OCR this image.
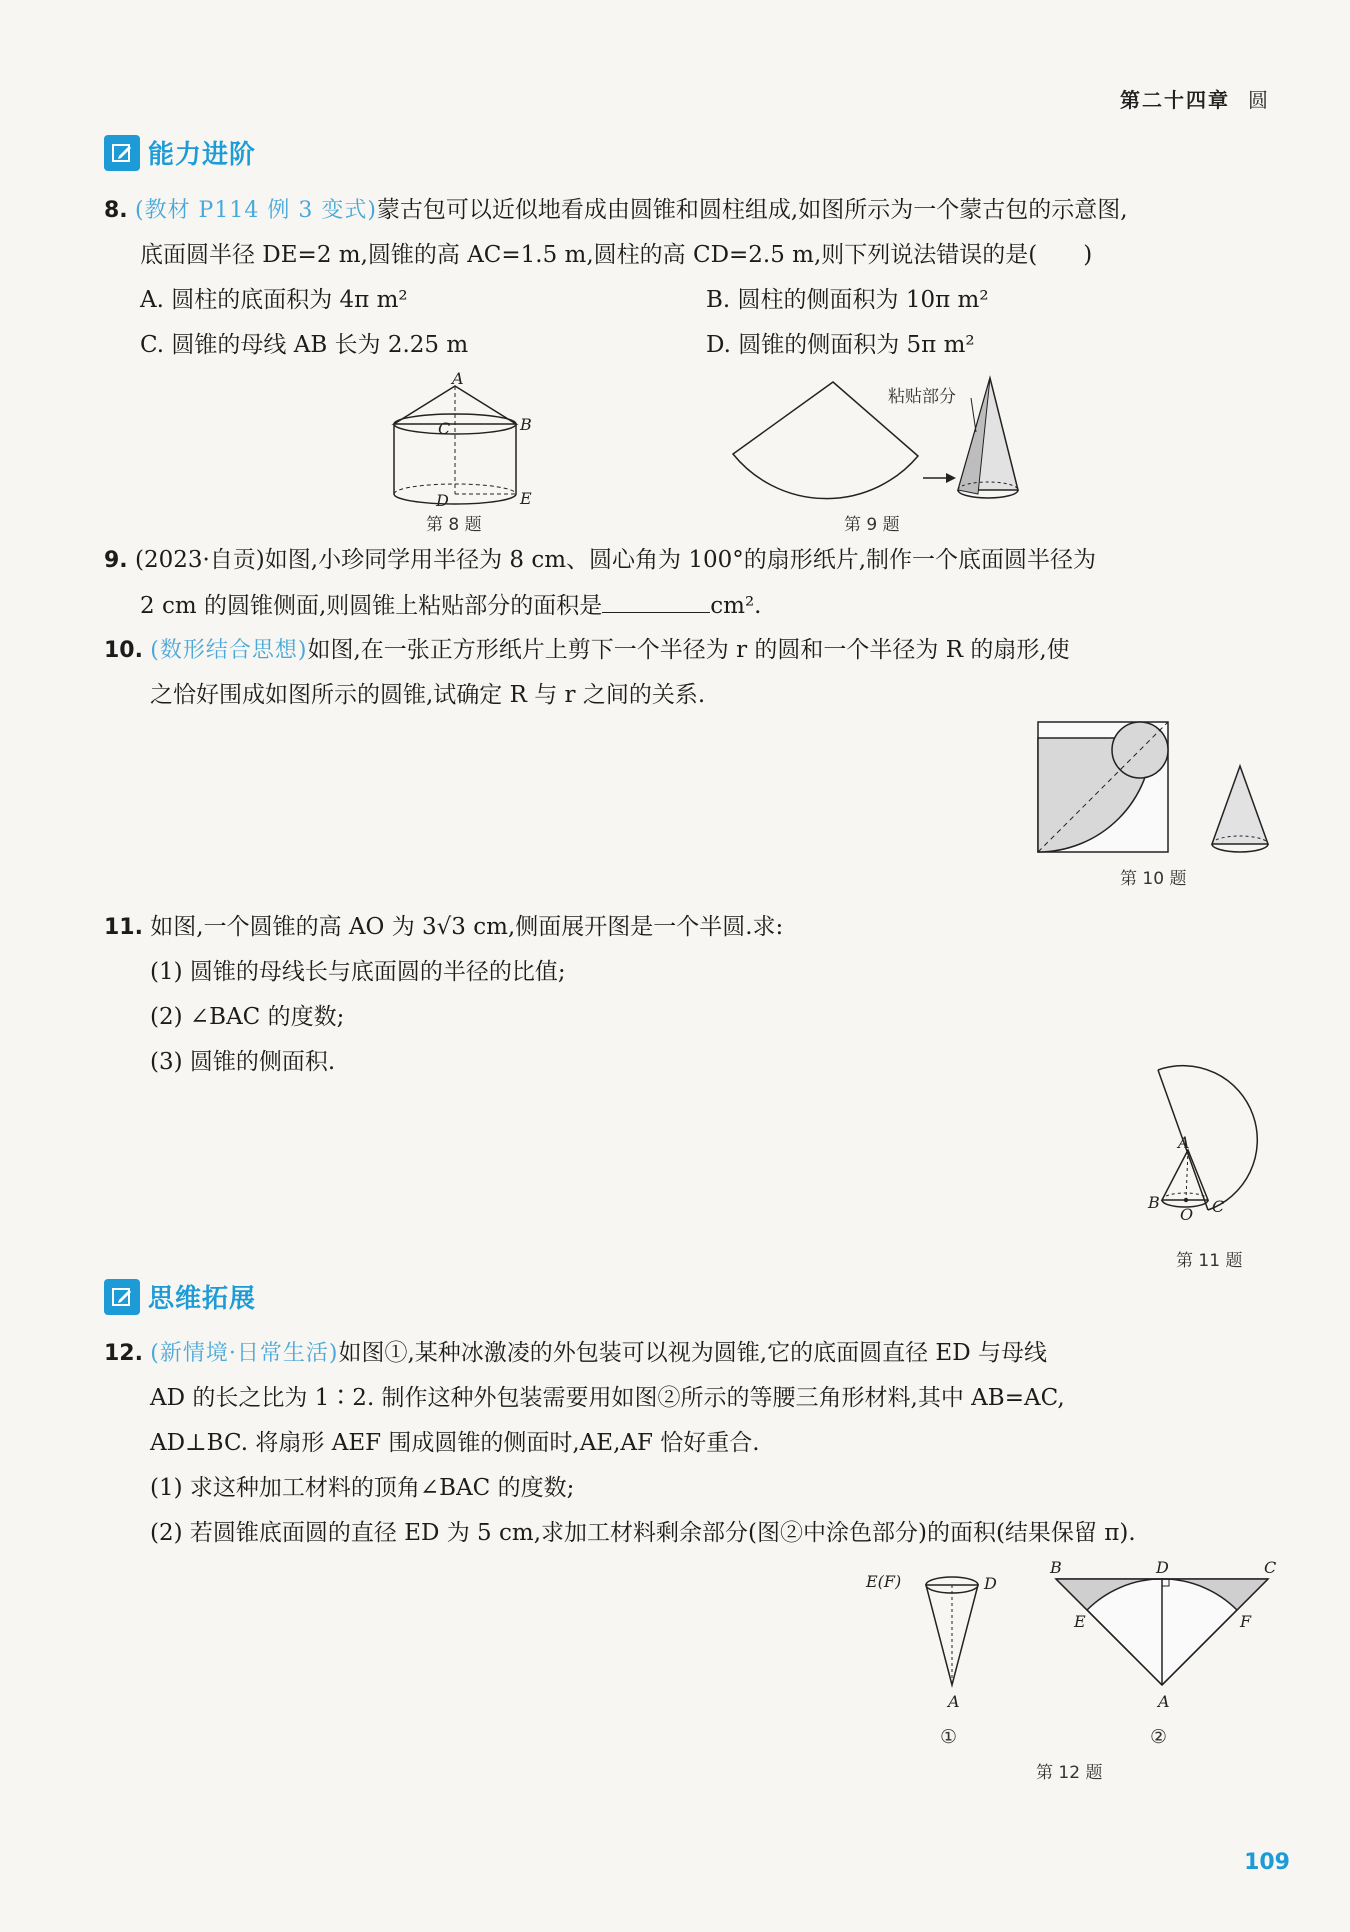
第二十四章 圆
能力进阶
8. (教材 P114 例 3 变式)蒙古包可以近似地看成由圆锥和圆柱组成,如图所示为一个蒙古包的示意图,
底面圆半径 DE=2 m,圆锥的高 AC=1.5 m,圆柱的高 CD=2.5 m,则下列说法错误的是(　　)
A. 圆柱的底面积为 4π m²	B. 圆柱的侧面积为 10π m²
C. 圆锥的母线 AB 长为 2.25 m	D. 圆锥的侧面积为 5π m²
A
B
C
D	E
第 8 题
粘贴部分
第 9 题
9. (2023·自贡)如图,小珍同学用半径为 8 cm、圆心角为 100°的扇形纸片,制作一个底面圆半径为
2 cm 的圆锥侧面,则圆锥上粘贴部分的面积是	cm².
10. (数形结合思想)如图,在一张正方形纸片上剪下一个半径为 r 的圆和一个半径为 R 的扇形,使
之恰好围成如图所示的圆锥,试确定 R 与 r 之间的关系.
第 10 题
11. 如图,一个圆锥的高 AO 为 3√3 cm,侧面展开图是一个半圆.求:
(1) 圆锥的母线长与底面圆的半径的比值;
(2) ∠BAC 的度数;
(3) 圆锥的侧面积.
A
B
O C
第 11 题
思维拓展
12. (新情境·日常生活)如图①,某种冰激凌的外包装可以视为圆锥,它的底面圆直径 ED 与母线
AD 的长之比为 1∶2. 制作这种外包装需要用如图②所示的等腰三角形材料,其中 AB=AC,
AD⊥BC. 将扇形 AEF 围成圆锥的侧面时,AE,AF 恰好重合.
(1) 求这种加工材料的顶角∠BAC 的度数;
(2) 若圆锥底面圆的直径 ED 为 5 cm,求加工材料剩余部分(图②中涂色部分)的面积(结果保留 π).
E(F)	D
A
B	D	C
E	F
A
①	②
第 12 题
109
